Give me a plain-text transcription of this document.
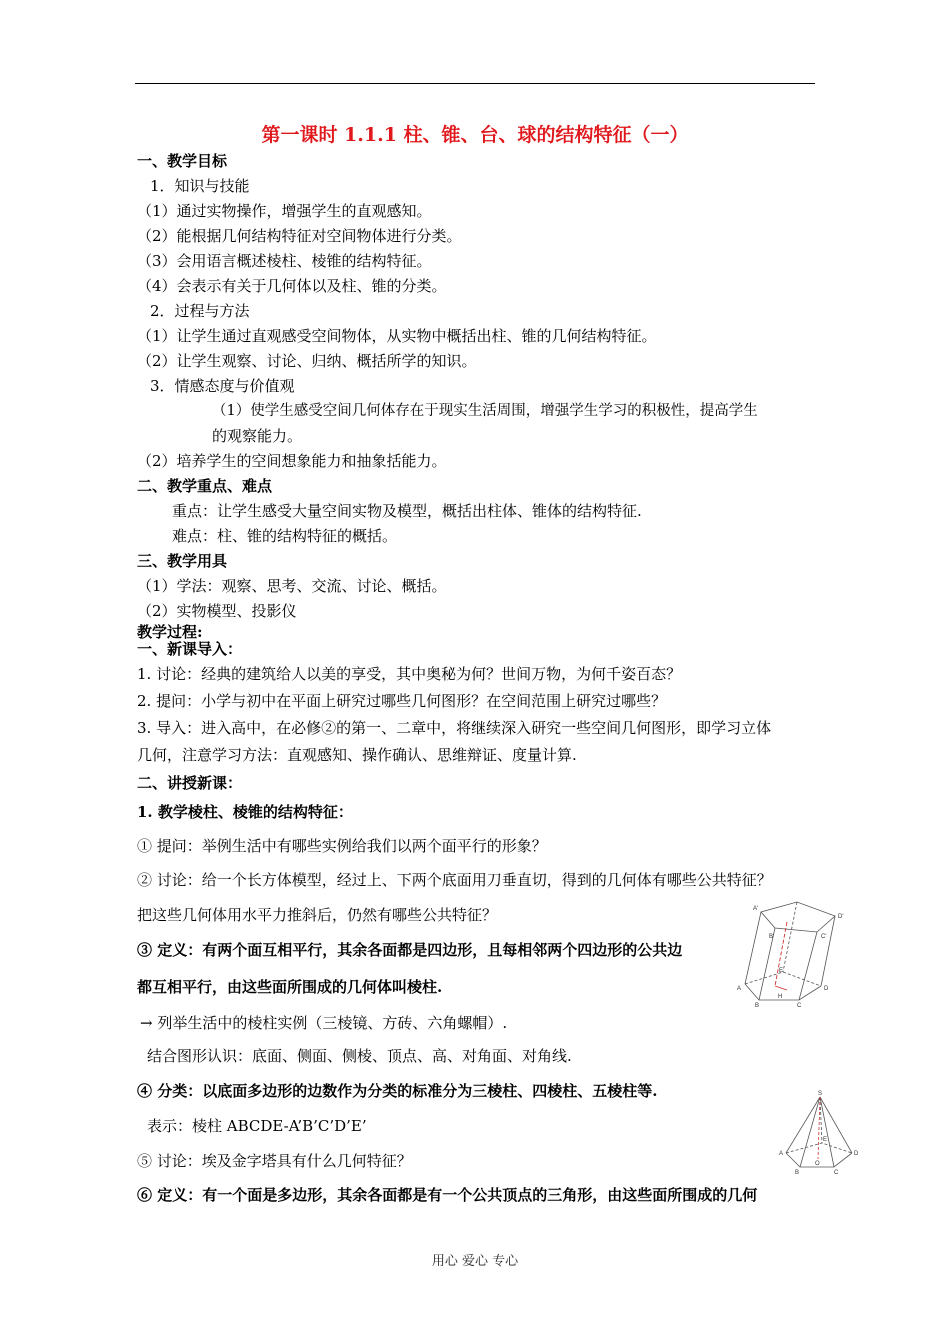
第一课时 1.1.1 柱、锥、台、球的结构特征（一）
一、教学目标
1．知识与技能
（1）通过实物操作，增强学生的直观感知。
（2）能根据几何结构特征对空间物体进行分类。
（3）会用语言概述棱柱、棱锥的结构特征。
（4）会表示有关于几何体以及柱、锥的分类。
2．过程与方法
（1）让学生通过直观感受空间物体，从实物中概括出柱、锥的几何结构特征。
（2）让学生观察、讨论、归纳、概括所学的知识。
3．情感态度与价值观
（1）使学生感受空间几何体存在于现实生活周围，增强学生学习的积极性，提高学生
的观察能力。
（2）培养学生的空间想象能力和抽象括能力。
二、教学重点、难点
重点：让学生感受大量空间实物及模型，概括出柱体、锥体的结构特征.
难点：柱、锥的结构特征的概括。
三、教学用具
（1）学法：观察、思考、交流、讨论、概括。
（2）实物模型、投影仪
教学过程:
一、新课导入：
1. 讨论：经典的建筑给人以美的享受，其中奥秘为何？世间万物，为何千姿百态？
2. 提问：小学与初中在平面上研究过哪些几何图形？在空间范围上研究过哪些？
3. 导入：进入高中，在必修②的第一、二章中，将继续深入研究一些空间几何图形，即学习立体
几何，注意学习方法：直观感知、操作确认、思维辩证、度量计算.
二、讲授新课：
1. 教学棱柱、棱锥的结构特征：
① 提问：举例生活中有哪些实例给我们以两个面平行的形象？
② 讨论：给一个长方体模型，经过上、下两个底面用刀垂直切，得到的几何体有哪些公共特征？
把这些几何体用水平力推斜后，仍然有哪些公共特征？
③ 定义：有两个面互相平行，其余各面都是四边形，且每相邻两个四边形的公共边
都互相平行，由这些面所围成的几何体叫棱柱.
→ 列举生活中的棱柱实例（三棱镜、方砖、六角螺帽）.
结合图形认识：底面、侧面、侧棱、顶点、高、对角面、对角线.
④ 分类：以底面多边形的边数作为分类的标准分为三棱柱、四棱柱、五棱柱等.
表示：棱柱 ABCDE-A’B’C’D’E’
⑤ 讨论：埃及金字塔具有什么几何特征？
⑥ 定义：有一个面是多边形，其余各面都是有一个公共顶点的三角形，由这些面所围成的几何
A'
D'
B'	C'
E
A
H
D
B	C
S
A
B	C
D
E
O
用心 爱心 专心
